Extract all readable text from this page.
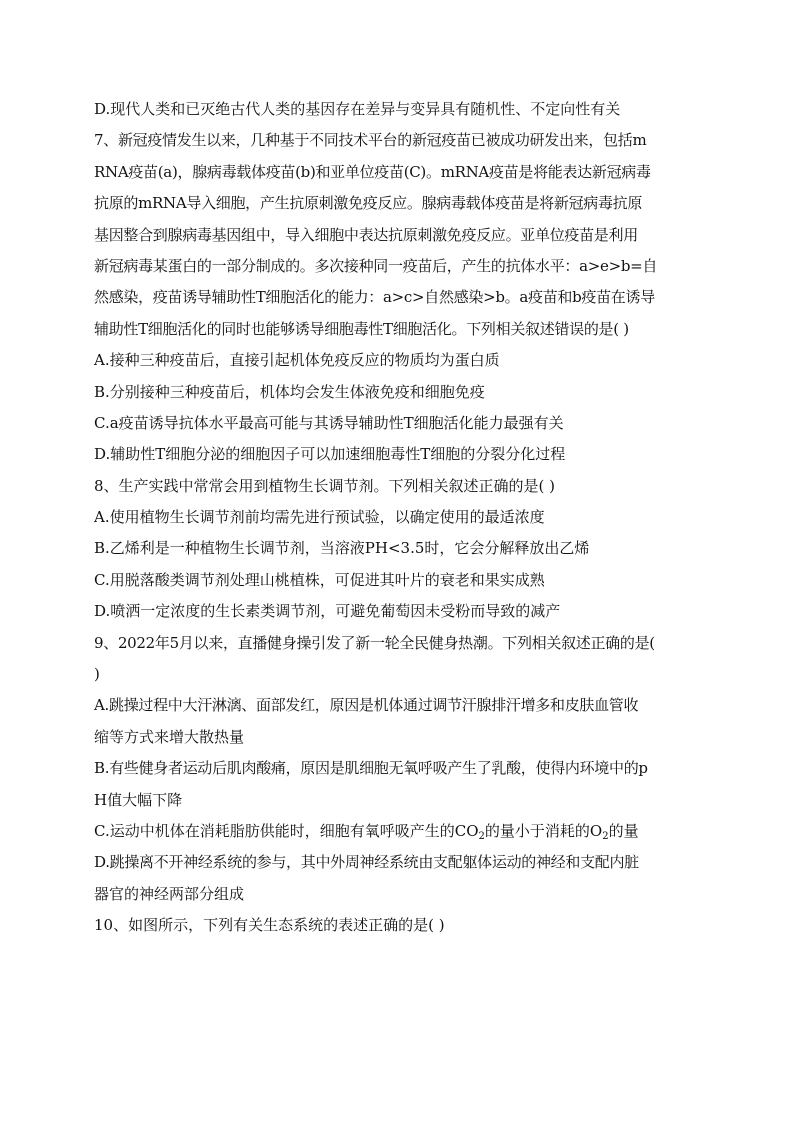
D.现代人类和已灭绝古代人类的基因存在差异与变异具有随机性、不定向性有关
7、新冠疫情发生以来，几种基于不同技术平台的新冠疫苗已被成功研发出来，包括m
RNA疫苗(a)，腺病毒载体疫苗(b)和亚单位疫苗(C)。mRNA疫苗是将能表达新冠病毒
抗原的mRNA导入细胞，产生抗原刺激免疫反应。腺病毒载体疫苗是将新冠病毒抗原
基因整合到腺病毒基因组中，导入细胞中表达抗原刺激免疫反应。亚单位疫苗是利用
新冠病毒某蛋白的一部分制成的。多次接种同一疫苗后，产生的抗体水平：a>e>b=自
然感染，疫苗诱导辅助性T细胞活化的能力：a>c>自然感染>b。a疫苗和b疫苗在诱导
辅助性T细胞活化的同时也能够诱导细胞毒性T细胞活化。下列相关叙述错误的是( )
A.接种三种疫苗后，直接引起机体免疫反应的物质均为蛋白质
B.分别接种三种疫苗后，机体均会发生体液免疫和细胞免疫
C.a疫苗诱导抗体水平最高可能与其诱导辅助性T细胞活化能力最强有关
D.辅助性T细胞分泌的细胞因子可以加速细胞毒性T细胞的分裂分化过程
8、生产实践中常常会用到植物生长调节剂。下列相关叙述正确的是( )
A.使用植物生长调节剂前均需先进行预试验，以确定使用的最适浓度
B.乙烯利是一种植物生长调节剂，当溶液PH<3.5时，它会分解释放出乙烯
C.用脱落酸类调节剂处理山桃植株，可促进其叶片的衰老和果实成熟
D.喷洒一定浓度的生长素类调节剂，可避免葡萄因未受粉而导致的减产
9、2022年5月以来，直播健身操引发了新一轮全民健身热潮。下列相关叙述正确的是(
)
A.跳操过程中大汗淋漓、面部发红，原因是机体通过调节汗腺排汗增多和皮肤血管收
缩等方式来增大散热量
B.有些健身者运动后肌肉酸痛，原因是肌细胞无氧呼吸产生了乳酸，使得内环境中的p
H值大幅下降
C.运动中机体在消耗脂肪供能时，细胞有氧呼吸产生的$CO_2$的量小于消耗的$O_2$的量
D.跳操离不开神经系统的参与，其中外周神经系统由支配躯体运动的神经和支配内脏
器官的神经两部分组成
10、如图所示，下列有关生态系统的表述正确的是( )
